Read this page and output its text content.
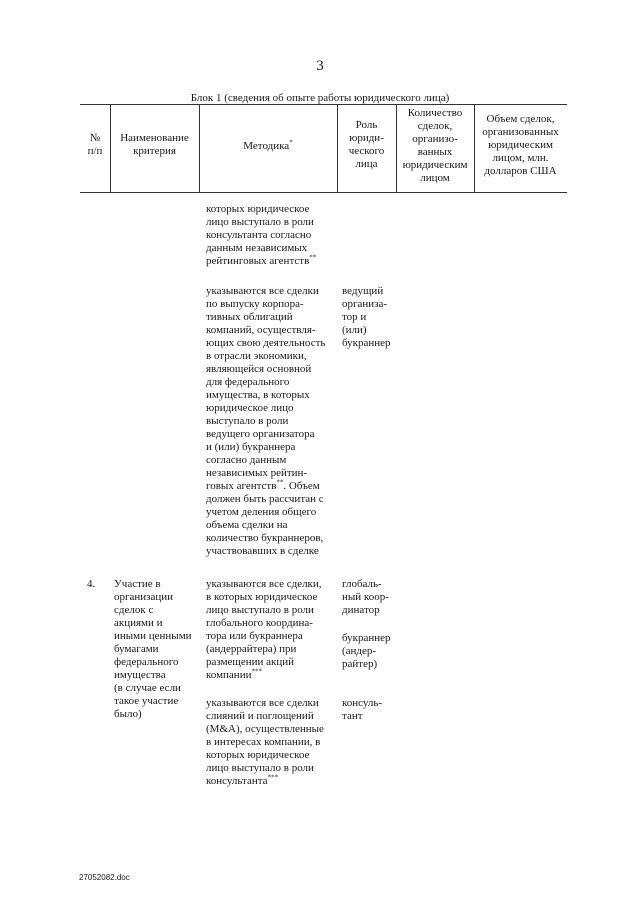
3
Блок 1 (сведения об опыте работы юридического лица)
№
п/п
Наименование
критерия	Методика*
Роль
юриди-
ческого
лица
Количество
сделок,
организо-
ванных
юридическим
лицом
Объем сделок,
организованных
юридическим
лицом, млн.
долларов США
которых юридическое
лицо выступало в роли
консультанта согласно
данным независимых
рейтинговых агентств**
указываются все сделки
по выпуску корпора-
тивных облигаций
компаний, осуществля-
ющих свою деятельность
в отрасли экономики,
являющейся основной
для федерального
имущества, в которых
юридическое лицо
выступало в роли
ведущего организатора
и (или) букраннера
согласно данным
независимых рейтин-
говых агентств**. Объем
должен быть рассчитан с
учетом деления общего
объема сделки на
количество букраннеров,
участвовавших в сделке
ведущий
организа-
тор и
(или)
букраннер
4. Участие в
организации
сделок с
акциями и
иными ценными
бумагами
федерального
имущества
(в случае если
такое участие
было)
указываются все сделки,
в которых юридическое
лицо выступало в роли
глобального координа-
тора или букраннера
(андеррайтера) при
размещении акций
компании***
глобаль-
ный коор-
динатор
букраннер
(андер-
райтер)
указываются все сделки
слияний и поглощений
(M&A), осуществленные
в интересах компании, в
которых юридическое
лицо выступало в роли
консультанта***
консуль-
тант
27052082.doc
